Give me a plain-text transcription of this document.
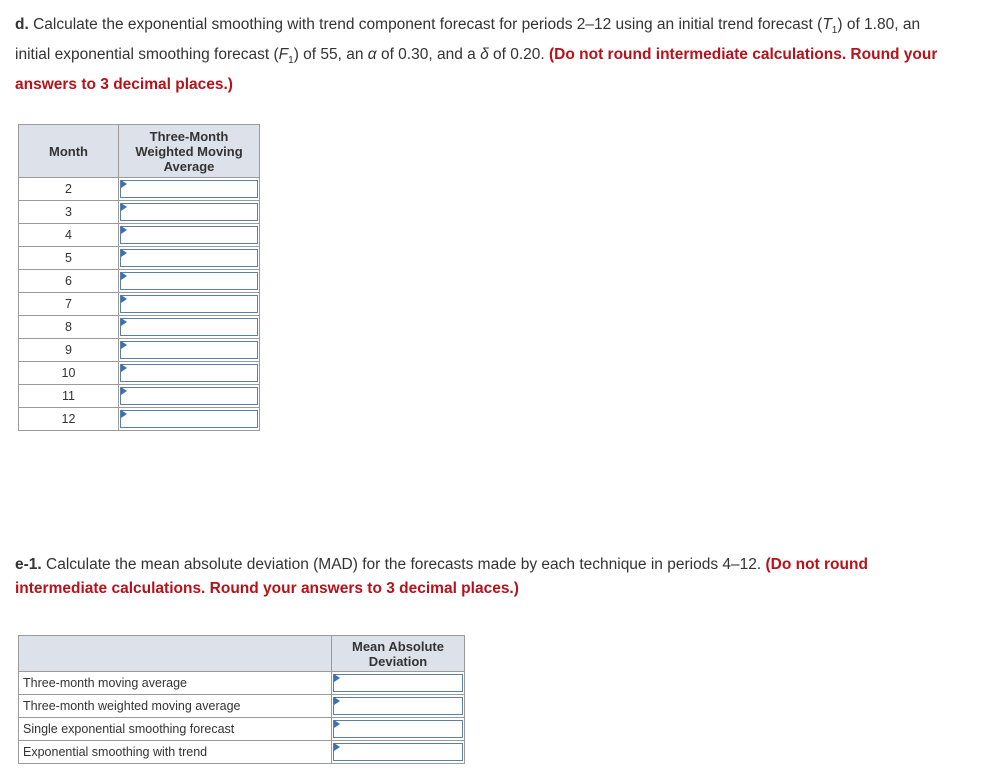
d. Calculate the exponential smoothing with trend component forecast for periods 2–12 using an initial trend forecast $(T_1)$ of 1.80, an initial exponential smoothing forecast $(F_1)$ of 55, an α of 0.30, and a δ of 0.20. (Do not round intermediate calculations. Round your answers to 3 decimal places.)
Month	Three-Month Weighted Moving Average
2	

3	

4	

5	

6	

7	

8	

9	

10	

11	

12	
e-1. Calculate the mean absolute deviation (MAD) for the forecasts made by each technique in periods 4–12. (Do not round intermediate calculations. Round your answers to 3 decimal places.)
	Mean Absolute Deviation
Three-month moving average	

Three-month weighted moving average	

Single exponential smoothing forecast	

Exponential smoothing with trend	
